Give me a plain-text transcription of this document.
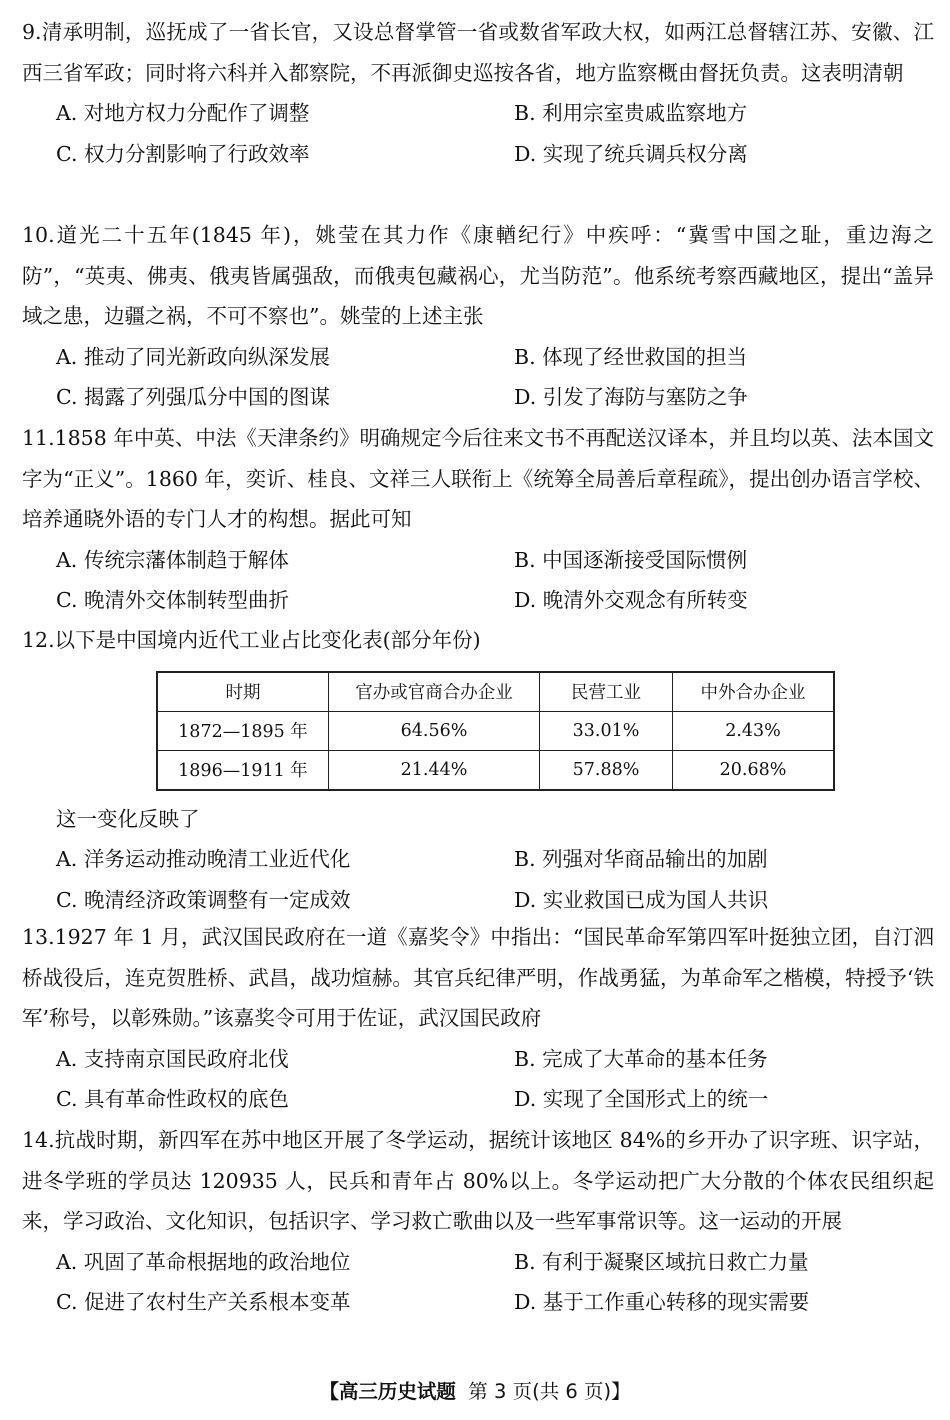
9.清承明制，巡抚成了一省长官，又设总督掌管一省或数省军政大权，如两江总督辖江苏、安徽、江西三省军政；同时将六科并入都察院，不再派御史巡按各省，地方监察概由督抚负责。这表明清朝

A. 对地方权力分配作了调整	B. 利用宗室贵戚监察地方
C. 权力分割影响了行政效率	D. 实现了统兵调兵权分离

10.道光二十五年(1845 年)，姚莹在其力作《康輶纪行》中疾呼：“冀雪中国之耻，重边海之防”，“英夷、佛夷、俄夷皆属强敌，而俄夷包藏祸心，尤当防范”。他系统考察西藏地区，提出“盖异域之患，边疆之祸，不可不察也”。姚莹的上述主张

A. 推动了同光新政向纵深发展	B. 体现了经世救国的担当
C. 揭露了列强瓜分中国的图谋	D. 引发了海防与塞防之争

11.1858 年中英、中法《天津条约》明确规定今后往来文书不再配送汉译本，并且均以英、法本国文字为“正义”。1860 年，奕䜣、桂良、文祥三人联衔上《统筹全局善后章程疏》，提出创办语言学校、培养通晓外语的专门人才的构想。据此可知

A. 传统宗藩体制趋于解体	B. 中国逐渐接受国际惯例
C. 晚清外交体制转型曲折	D. 晚清外交观念有所转变

12.以下是中国境内近代工业占比变化表(部分年份)

时期	官办或官商合办企业	民营工业	中外合办企业
1872—1895 年	64.56%	33.01%	2.43%
1896—1911 年	21.44%	57.88%	20.68%
这一变化反映了
A. 洋务运动推动晚清工业近代化	B. 列强对华商品输出的加剧
C. 晚清经济政策调整有一定成效	D. 实业救国已成为国人共识

13.1927 年 1 月，武汉国民政府在一道《嘉奖令》中指出：“国民革命军第四军叶挺独立团，自汀泗桥战役后，连克贺胜桥、武昌，战功煊赫。其官兵纪律严明，作战勇猛，为革命军之楷模，特授予‘铁军’称号，以彰殊勋。”该嘉奖令可用于佐证，武汉国民政府

A. 支持南京国民政府北伐	B. 完成了大革命的基本任务
C. 具有革命性政权的底色	D. 实现了全国形式上的统一

14.抗战时期，新四军在苏中地区开展了冬学运动，据统计该地区 84%的乡开办了识字班、识字站，进冬学班的学员达 120935 人，民兵和青年占 80%以上。冬学运动把广大分散的个体农民组织起来，学习政治、文化知识，包括识字、学习救亡歌曲以及一些军事常识等。这一运动的开展

A. 巩固了革命根据地的政治地位	B. 有利于凝聚区域抗日救亡力量
C. 促进了农村生产关系根本变革	D. 基于工作重心转移的现实需要
【高三历史试题 第 3 页(共 6 页)】
